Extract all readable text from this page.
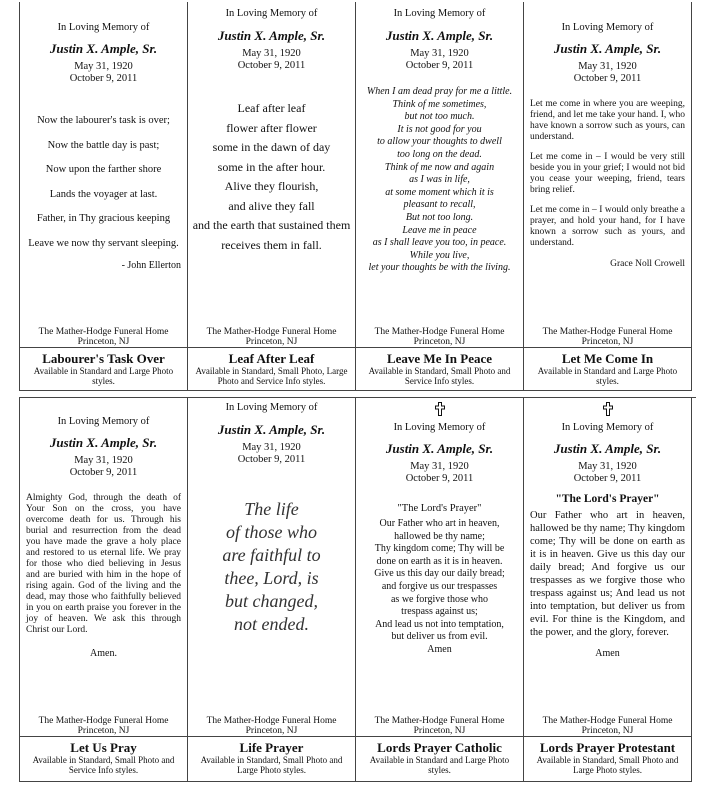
In Loving Memory of
Justin X. Ample, Sr.
May 31, 1920
October 9, 2011

Now the labourer's task is over;

Now the battle day is past;

Now upon the farther shore

Lands the voyager at last.

Father, in Thy gracious keeping

Leave we now thy servant sleeping.

- John Ellerton
The Mather-Hodge Funeral Home
Princeton, NJ
Labourer's Task Over
Available in Standard and Large Photo styles.
In Loving Memory of
Justin X. Ample, Sr.
May 31, 1920
October 9, 2011

Leaf after leaf

flower after flower

some in the dawn of day

some in the after hour.

Alive they flourish,

and alive they fall

and the earth that sustained them

receives them in fall.

The Mather-Hodge Funeral Home
Princeton, NJ
Leaf After Leaf
Available in Standard, Small Photo, Large Photo and Service Info styles.
In Loving Memory of
Justin X. Ample, Sr.
May 31, 1920
October 9, 2011

When I am dead pray for me a little.

Think of me sometimes,

but not too much.

It is not good for you

to allow your thoughts to dwell

too long on the dead.

Think of me now and again

as I was in life,

at some moment which it is

pleasant to recall,

But not too long.

Leave me in peace

as I shall leave you too, in peace.

While you live,

let your thoughts be with the living.

The Mather-Hodge Funeral Home
Princeton, NJ
Leave Me In Peace
Available in Standard, Small Photo and Service Info styles.
In Loving Memory of
Justin X. Ample, Sr.
May 31, 1920
October 9, 2011

Let me come in where you are weeping, friend, and let me take your hand. I, who have known a sorrow such as yours, can understand.

Let me come in – I would be very still beside you in your grief; I would not bid you cease your weeping, friend, tears bring relief.

Let me come in – I would only breathe a prayer, and hold your hand, for I have known a sorrow such as yours, and understand.

Grace Noll Crowell
The Mather-Hodge Funeral Home
Princeton, NJ
Let Me Come In
Available in Standard and Large Photo styles.
In Loving Memory of
Justin X. Ample, Sr.
May 31, 1920
October 9, 2011

Almighty God, through the death of Your Son on the cross, you have overcome death for us. Through his burial and resurrection from the dead you have made the grave a holy place and restored to us eternal life. We pray for those who died believing in Jesus and are buried with him in the hope of rising again. God of the living and the dead, may those who faithfully believed in you on earth praise you forever in the joy of heaven. We ask this through Christ our Lord.

Amen.
The Mather-Hodge Funeral Home
Princeton, NJ
Let Us Pray
Available in Standard, Small Photo and Service Info styles.
In Loving Memory of
Justin X. Ample, Sr.
May 31, 1920
October 9, 2011

The life

of those who

are faithful to

thee, Lord, is

but changed,

not ended.

The Mather-Hodge Funeral Home
Princeton, NJ
Life Prayer
Available in Standard, Small Photo and Large Photo styles.
In Loving Memory of
Justin X. Ample, Sr.
May 31, 1920
October 9, 2011
"The Lord's Prayer"

Our Father who art in heaven,

hallowed be thy name;

Thy kingdom come; Thy will be

done on earth as it is in heaven.

Give us this day our daily bread;

and forgive us our trespasses

as we forgive those who

trespass against us;

And lead us not into temptation,

but deliver us from evil.

Amen

The Mather-Hodge Funeral Home
Princeton, NJ
Lords Prayer Catholic
Available in Standard and Large Photo styles.
In Loving Memory of
Justin X. Ample, Sr.
May 31, 1920
October 9, 2011
"The Lord's Prayer"

Our Father who art in heaven, hallowed be thy name; Thy kingdom come; Thy will be done on earth as it is in heaven. Give us this day our daily bread; And forgive us our trespasses as we forgive those who trespass against us; And lead us not into temptation, but deliver us from evil. For thine is the Kingdom, and the power, and the glory, forever.

Amen
The Mather-Hodge Funeral Home
Princeton, NJ
Lords Prayer Protestant
Available in Standard, Small Photo and Large Photo styles.
